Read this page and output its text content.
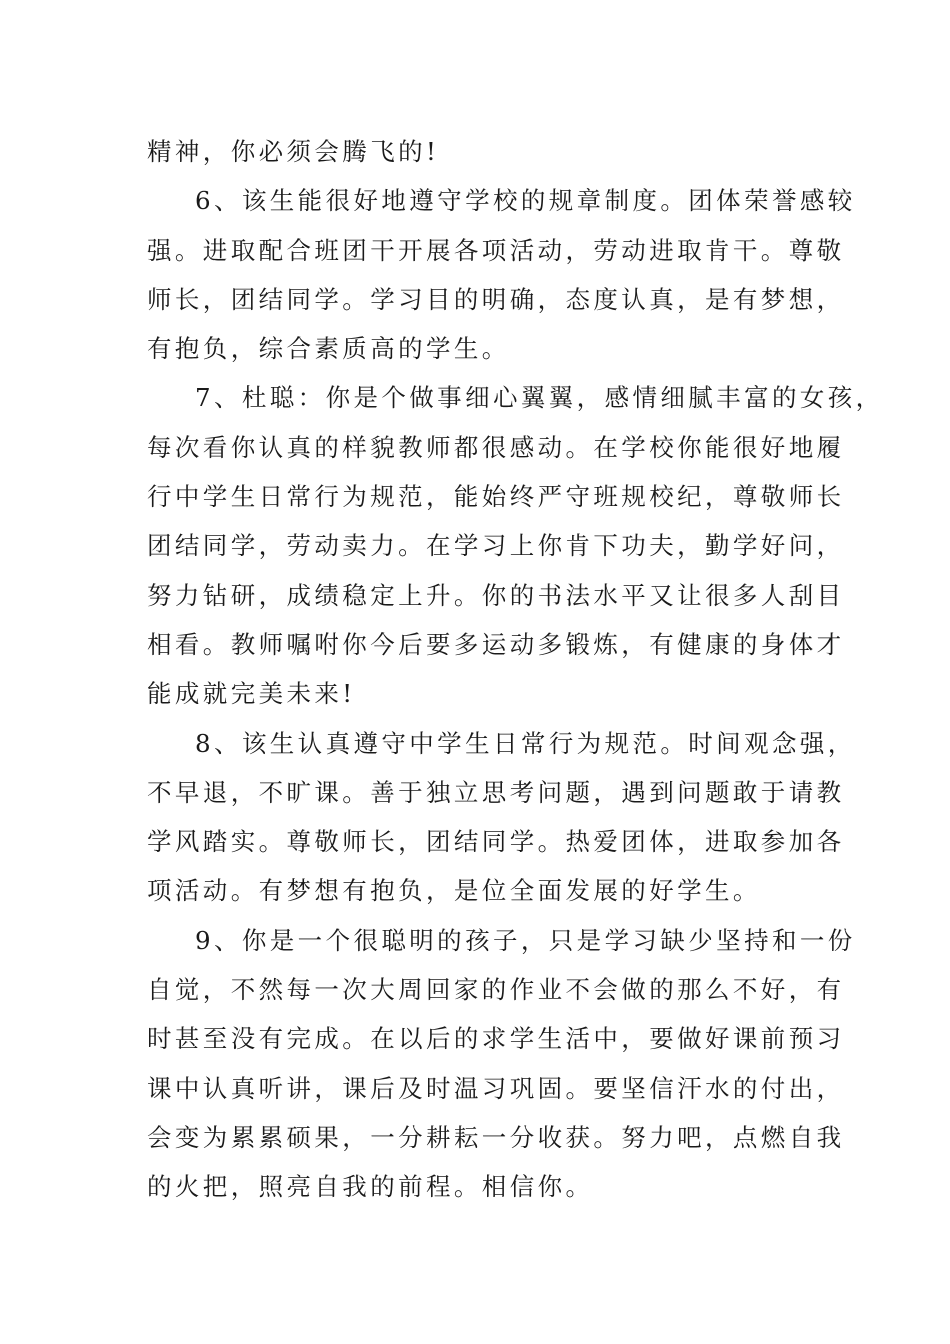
精神，你必须会腾飞的!
6、该生能很好地遵守学校的规章制度。团体荣誉感较
强。进取配合班团干开展各项活动，劳动进取肯干。尊敬
师长，团结同学。学习目的明确，态度认真，是有梦想，
有抱负，综合素质高的学生。
7、杜聪：你是个做事细心翼翼，感情细腻丰富的女孩，
每次看你认真的样貌教师都很感动。在学校你能很好地履
行中学生日常行为规范，能始终严守班规校纪，尊敬师长
团结同学，劳动卖力。在学习上你肯下功夫，勤学好问，
努力钻研，成绩稳定上升。你的书法水平又让很多人刮目
相看。教师嘱咐你今后要多运动多锻炼，有健康的身体才
能成就完美未来!
8、该生认真遵守中学生日常行为规范。时间观念强，
不早退，不旷课。善于独立思考问题，遇到问题敢于请教
学风踏实。尊敬师长，团结同学。热爱团体，进取参加各
项活动。有梦想有抱负，是位全面发展的好学生。
9、你是一个很聪明的孩子，只是学习缺少坚持和一份
自觉，不然每一次大周回家的作业不会做的那么不好，有
时甚至没有完成。在以后的求学生活中，要做好课前预习
课中认真听讲，课后及时温习巩固。要坚信汗水的付出，
会变为累累硕果，一分耕耘一分收获。努力吧，点燃自我
的火把，照亮自我的前程。相信你。
